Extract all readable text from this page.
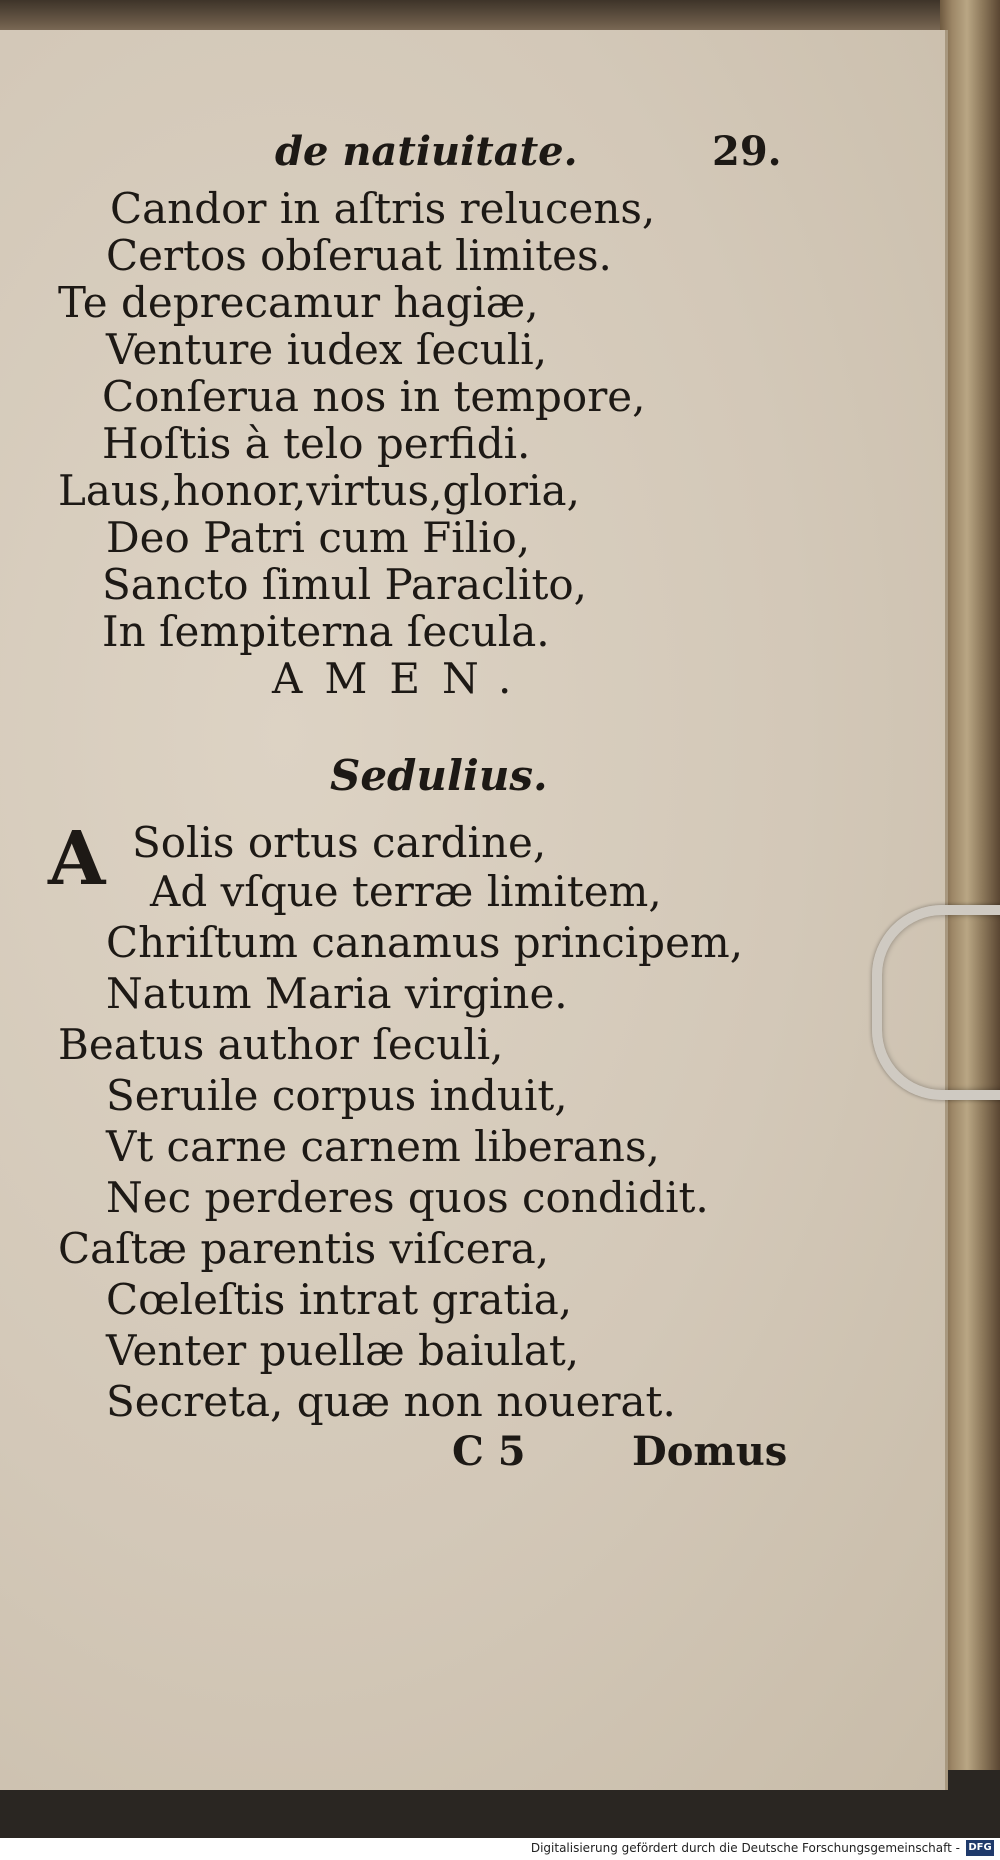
de natiuitate.	29.
Candor in aſtris relucens,
Certos obſeruat limites.
Te deprecamur hagiæ,
Venture iudex ſeculi,
Conſerua nos in tempore,
Hoſtis à telo perfidi.
Laus,honor,virtus,gloria,
Deo Patri cum Filio,
Sancto ſimul Paraclito,
In ſempiterna ſecula.
AMEN.
Sedulius.
A Solis ortus cardine,
Ad vſque terræ limitem,
Chriſtum canamus principem,
Natum Maria virgine.
Beatus author ſeculi,
Seruile corpus induit,
Vt carne carnem liberans,
Nec perderes quos condidit.
Caſtæ parentis viſcera,
Cœleſtis intrat gratia,
Venter puellæ baiulat,
Secreta, quæ non nouerat.
C 5	Domus
Digitalisierung gefördert durch die Deutsche Forschungsgemeinschaft - DFG
